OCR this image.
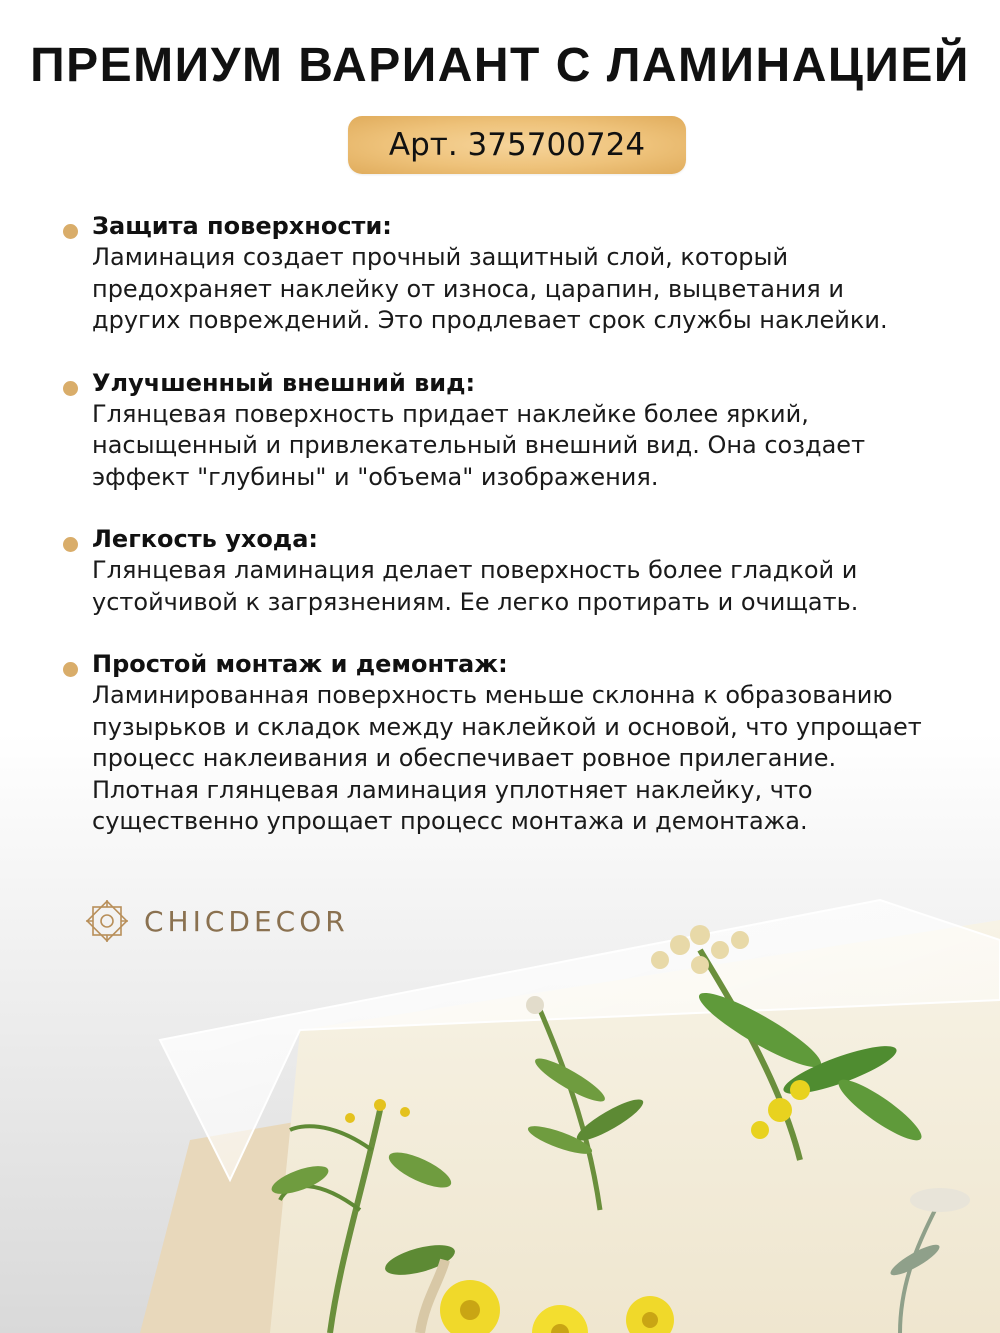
ПРЕМИУМ ВАРИАНТ С ЛАМИНАЦИЕЙ
Арт. 375700724
Защита поверхности:
Ламинация создает прочный защитный слой, который
предохраняет наклейку от износа, царапин, выцветания и
других повреждений. Это продлевает срок службы наклейки.
Улучшенный внешний вид:
Глянцевая поверхность придает наклейке более яркий,
насыщенный и привлекательный внешний вид. Она создает
эффект "глубины" и "объема" изображения.
Легкость ухода:
Глянцевая ламинация делает поверхность более гладкой и
устойчивой к загрязнениям. Ее легко протирать и очищать.
Простой монтаж и демонтаж:
Ламинированная поверхность меньше склонна к образованию
пузырьков и складок между наклейкой и основой, что упрощает
процесс наклеивания и обеспечивает ровное прилегание.
Плотная глянцевая ламинация уплотняет наклейку, что
существенно упрощает процесс монтажа и демонтажа.
CHICDECOR
